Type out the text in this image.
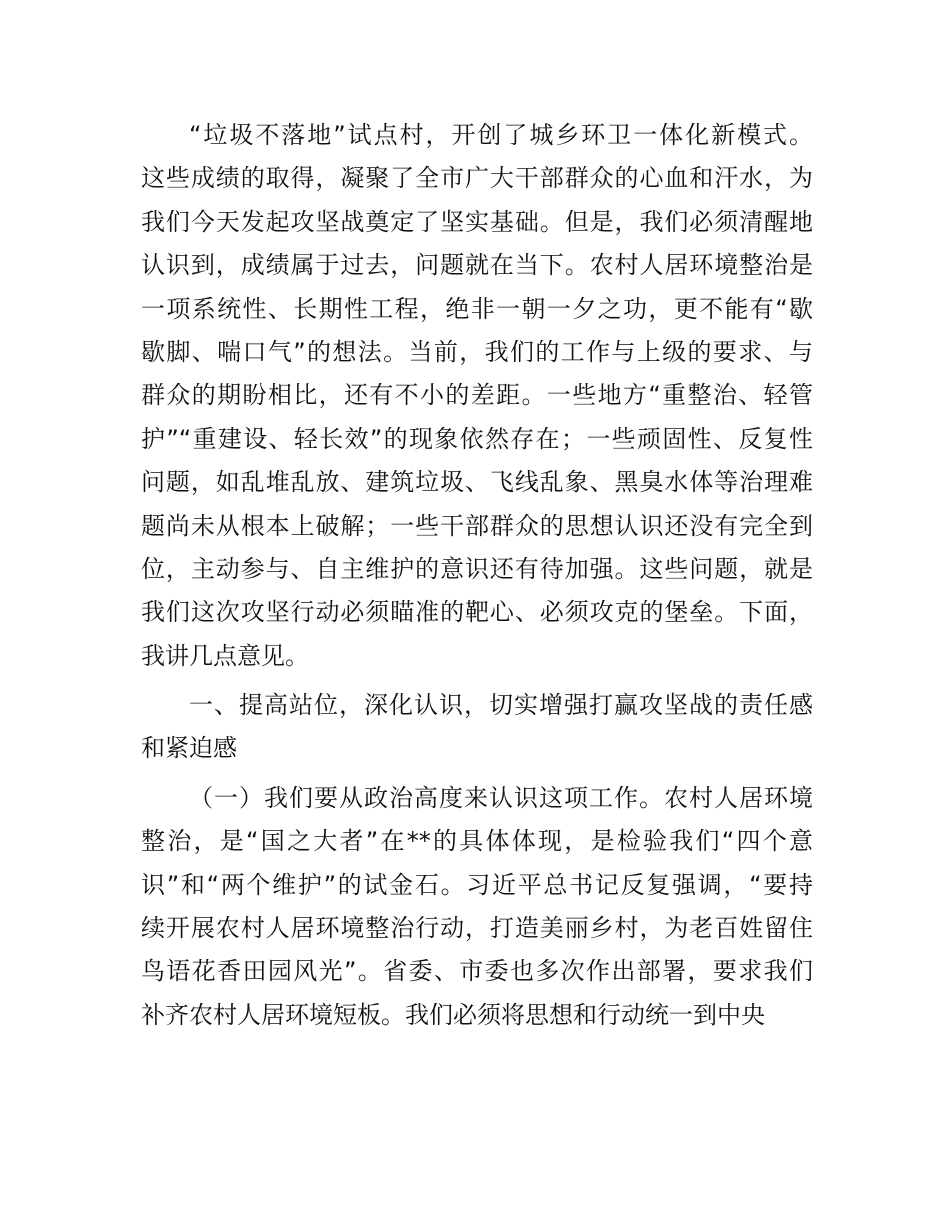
“垃圾不落地”试点村，开创了城乡环卫一体化新模式。
这些成绩的取得，凝聚了全市广大干部群众的心血和汗水，为
我们今天发起攻坚战奠定了坚实基础。但是，我们必须清醒地
认识到，成绩属于过去，问题就在当下。农村人居环境整治是
一项系统性、长期性工程，绝非一朝一夕之功，更不能有“歇
歇脚、喘口气”的想法。当前，我们的工作与上级的要求、与
群众的期盼相比，还有不小的差距。一些地方“重整治、轻管
护”“重建设、轻长效”的现象依然存在；一些顽固性、反复性
问题，如乱堆乱放、建筑垃圾、飞线乱象、黑臭水体等治理难
题尚未从根本上破解；一些干部群众的思想认识还没有完全到
位，主动参与、自主维护的意识还有待加强。这些问题，就是
我们这次攻坚行动必须瞄准的靶心、必须攻克的堡垒。下面，
我讲几点意见。
一、提高站位，深化认识，切实增强打赢攻坚战的责任感
和紧迫感
（一）我们要从政治高度来认识这项工作。农村人居环境
整治，是“国之大者”在**的具体体现，是检验我们“四个意
识”和“两个维护”的试金石。习近平总书记反复强调，“要持
续开展农村人居环境整治行动，打造美丽乡村，为老百姓留住
鸟语花香田园风光”。省委、市委也多次作出部署，要求我们
补齐农村人居环境短板。我们必须将思想和行动统一到中央
